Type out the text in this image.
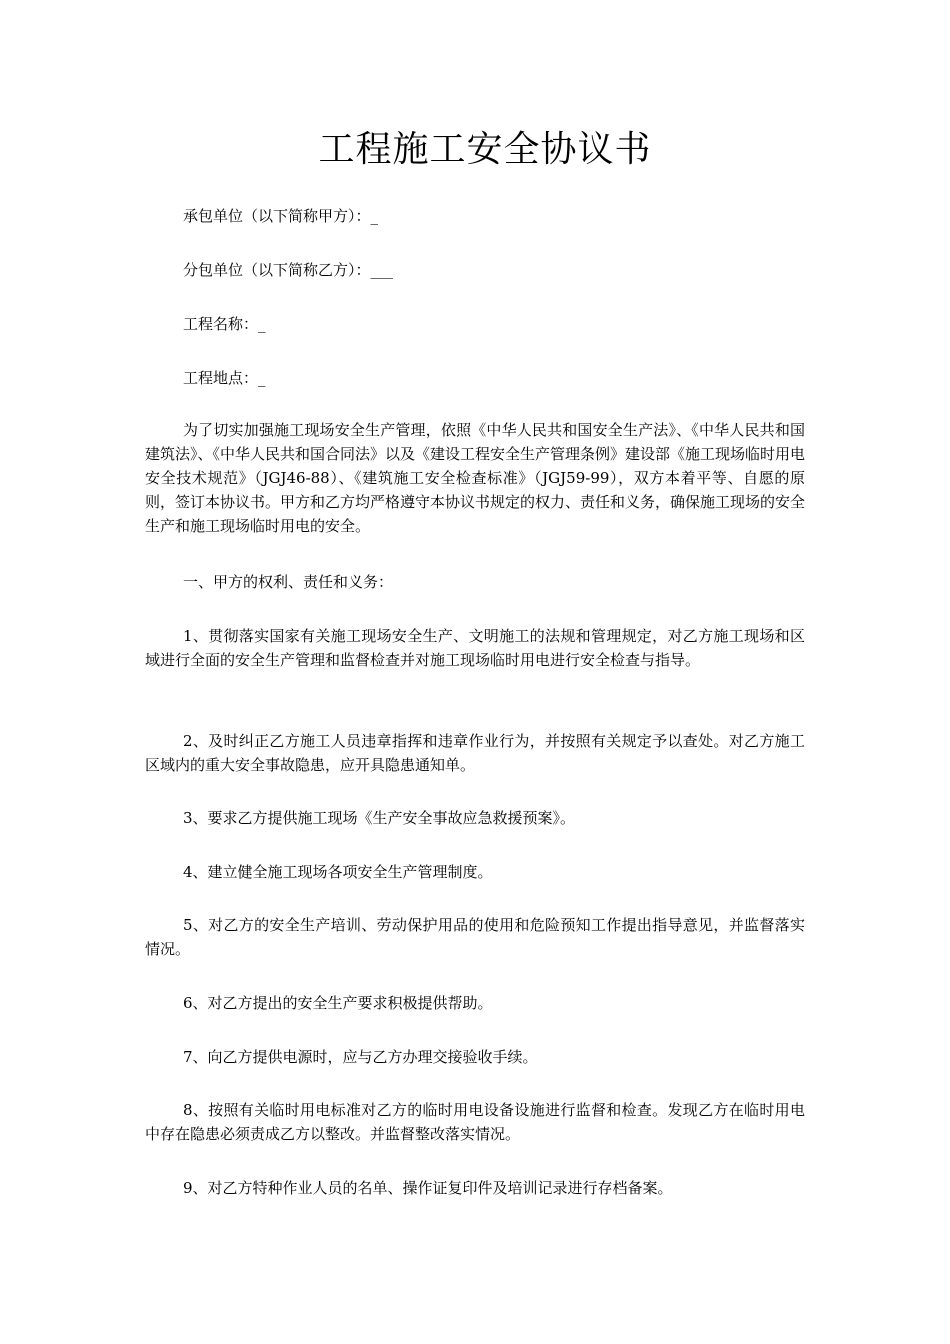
工程施工安全协议书

承包单位（以下简称甲方）：_

分包单位（以下简称乙方）：___

工程名称：_

工程地点：_

为了切实加强施工现场安全生产管理，依照《中华人民共和国安全生产法》、《中华人民共和国建筑法》、《中华人民共和国合同法》以及《建设工程安全生产管理条例》建设部《施工现场临时用电安全技术规范》（JGJ46-88）、《建筑施工安全检查标准》（JGJ59-99），双方本着平等、自愿的原则，签订本协议书。甲方和乙方均严格遵守本协议书规定的权力、责任和义务，确保施工现场的安全生产和施工现场临时用电的安全。

一、甲方的权利、责任和义务：

1、贯彻落实国家有关施工现场安全生产、文明施工的法规和管理规定，对乙方施工现场和区域进行全面的安全生产管理和监督检查并对施工现场临时用电进行安全检查与指导。

2、及时纠正乙方施工人员违章指挥和违章作业行为，并按照有关规定予以查处。对乙方施工区域内的重大安全事故隐患，应开具隐患通知单。

3、要求乙方提供施工现场《生产安全事故应急救援预案》。

4、建立健全施工现场各项安全生产管理制度。

5、对乙方的安全生产培训、劳动保护用品的使用和危险预知工作提出指导意见，并监督落实情况。

6、对乙方提出的安全生产要求积极提供帮助。

7、向乙方提供电源时，应与乙方办理交接验收手续。

8、按照有关临时用电标准对乙方的临时用电设备设施进行监督和检查。发现乙方在临时用电中存在隐患必须责成乙方以整改。并监督整改落实情况。

9、对乙方特种作业人员的名单、操作证复印件及培训记录进行存档备案。
